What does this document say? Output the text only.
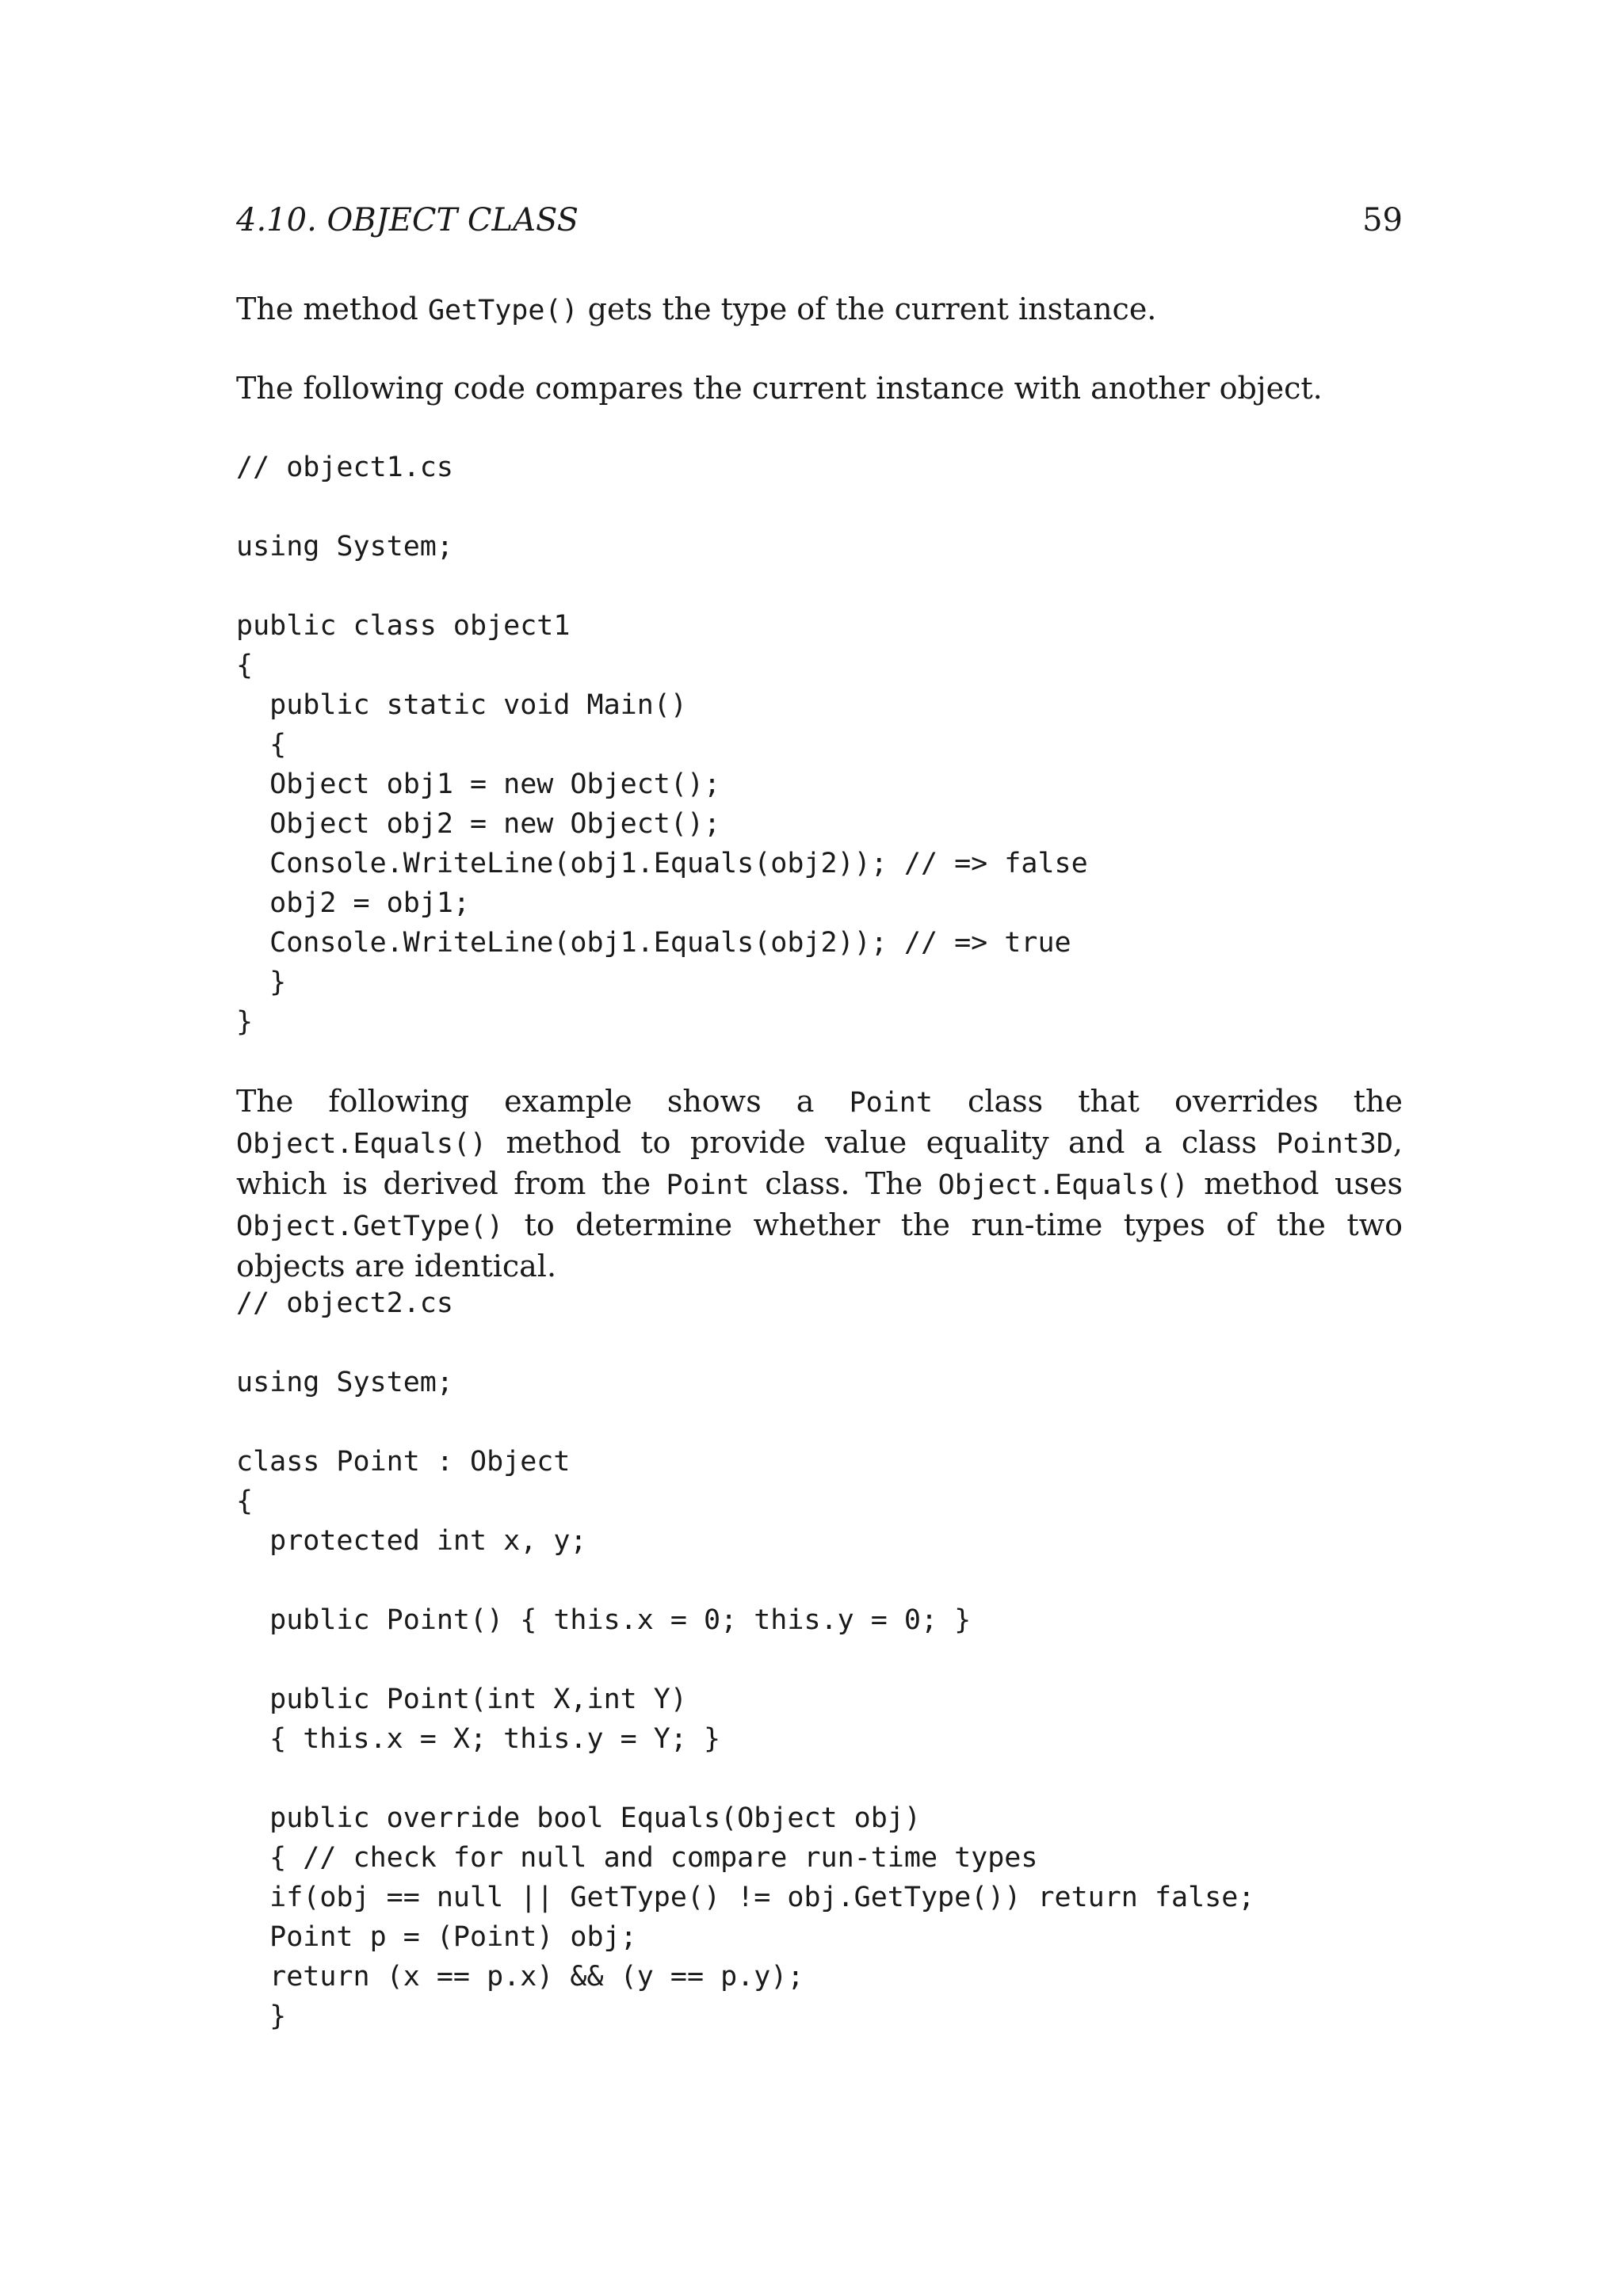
4.10. OBJECT CLASS	59

The method GetType() gets the type of the current instance.

The following code compares the current instance with another object.

// object1.cs
using System;
public class object1
{
public static void Main()
{
Object obj1 = new Object();
Object obj2 = new Object();
Console.WriteLine(obj1.Equals(obj2)); // => false
obj2 = obj1;
Console.WriteLine(obj1.Equals(obj2)); // => true
}
}

The following example shows a Point class that overrides the Object.Equals() method to provide value equality and a class Point3D, which is derived from the Point class. The Object.Equals() method uses Object.GetType() to determine whether the run-time types of the two objects are identical.

// object2.cs
using System;
class Point : Object
{
protected int x, y;
public Point() { this.x = 0; this.y = 0; }
public Point(int X,int Y)
{ this.x = X; this.y = Y; }
public override bool Equals(Object obj)
{ // check for null and compare run-time types
if(obj == null || GetType() != obj.GetType()) return false;
Point p = (Point) obj;
return (x == p.x) && (y == p.y);
}
